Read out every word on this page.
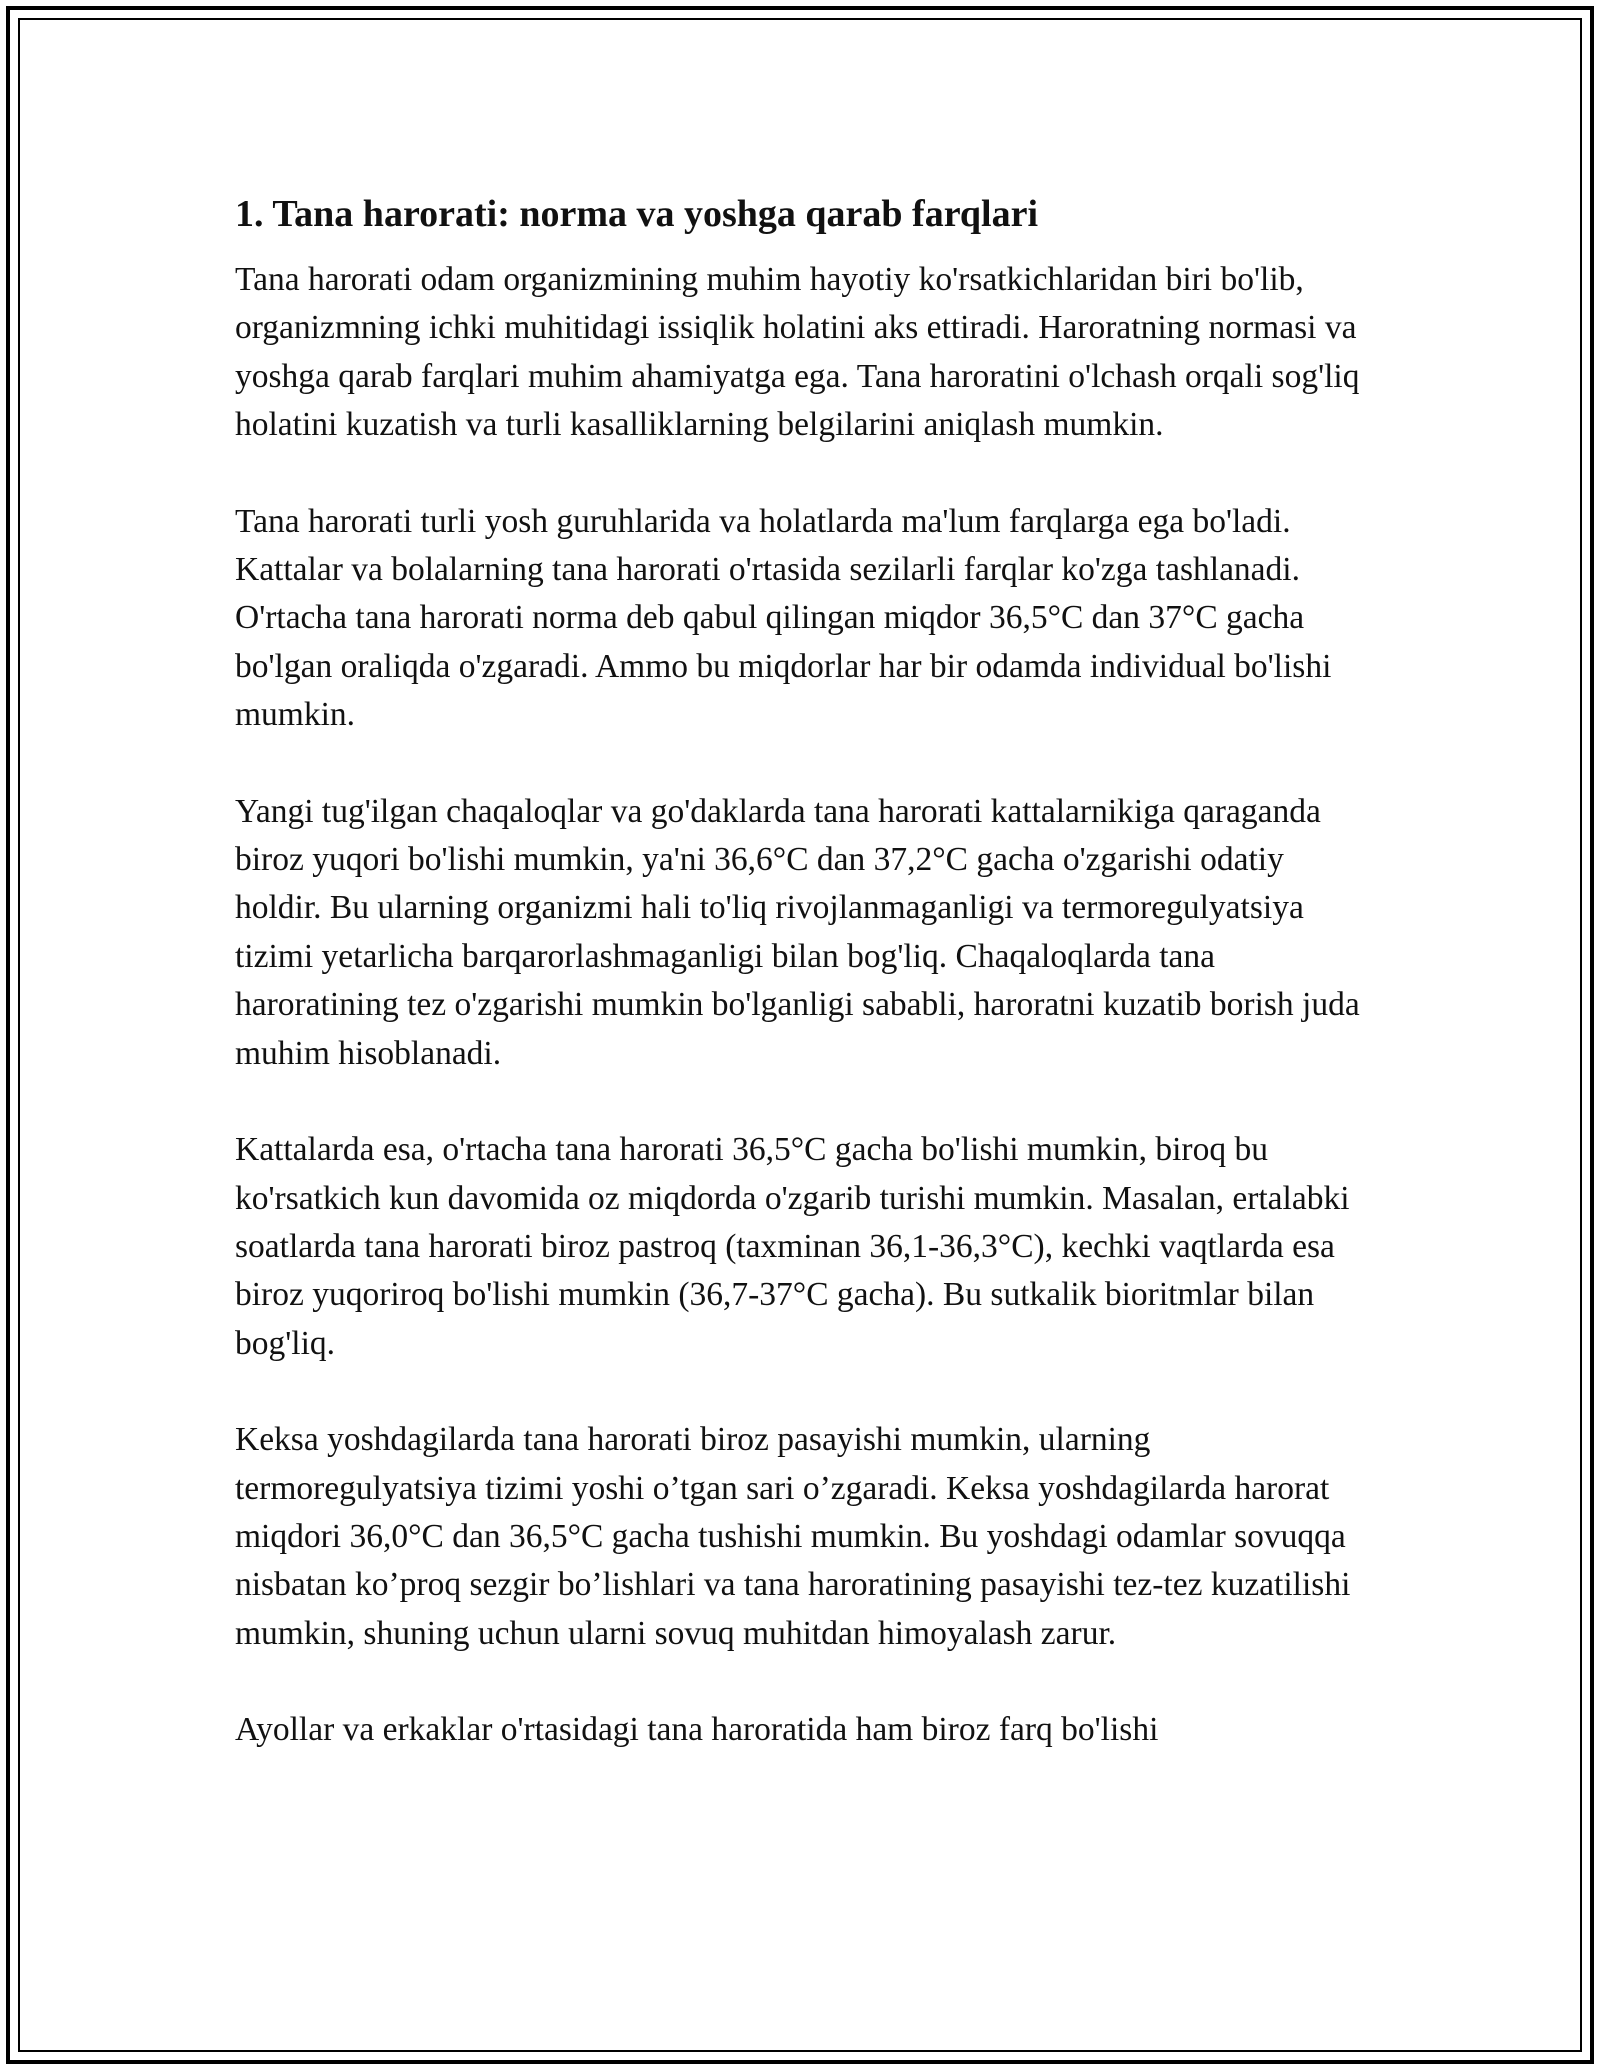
1. Tana harorati: norma va yoshga qarab farqlari

Tana harorati odam organizmining muhim hayotiy ko'rsatkichlaridan biri bo'lib, organizmning ichki muhitidagi issiqlik holatini aks ettiradi. Haroratning normasi va yoshga qarab farqlari muhim ahamiyatga ega. Tana haroratini o'lchash orqali sog'liq holatini kuzatish va turli kasalliklarning belgilarini aniqlash mumkin.

Tana harorati turli yosh guruhlarida va holatlarda ma'lum farqlarga ega bo'ladi. Kattalar va bolalarning tana harorati o'rtasida sezilarli farqlar ko'zga tashlanadi. O'rtacha tana harorati norma deb qabul qilingan miqdor 36,5°C dan 37°C gacha bo'lgan oraliqda o'zgaradi. Ammo bu miqdorlar har bir odamda individual bo'lishi mumkin.

Yangi tug'ilgan chaqaloqlar va go'daklarda tana harorati kattalarnikiga qaraganda biroz yuqori bo'lishi mumkin, ya'ni 36,6°C dan 37,2°C gacha o'zgarishi odatiy holdir. Bu ularning organizmi hali to'liq rivojlanmaganligi va termoregulyatsiya tizimi yetarlicha barqarorlashmaganligi bilan bog'liq. Chaqaloqlarda tana haroratining tez o'zgarishi mumkin bo'lganligi sababli, haroratni kuzatib borish juda muhim hisoblanadi.

Kattalarda esa, o'rtacha tana harorati 36,5°C gacha bo'lishi mumkin, biroq bu ko'rsatkich kun davomida oz miqdorda o'zgarib turishi mumkin. Masalan, ertalabki soatlarda tana harorati biroz pastroq (taxminan 36,1-36,3°C), kechki vaqtlarda esa biroz yuqoriroq bo'lishi mumkin (36,7-37°C gacha). Bu sutkalik bioritmlar bilan bog'liq.

Keksa yoshdagilarda tana harorati biroz pasayishi mumkin, ularning termoregulyatsiya tizimi yoshi o’tgan sari o’zgaradi. Keksa yoshdagilarda harorat miqdori 36,0°C dan 36,5°C gacha tushishi mumkin. Bu yoshdagi odamlar sovuqqa nisbatan ko’proq sezgir bo’lishlari va tana haroratining pasayishi tez-tez kuzatilishi mumkin, shuning uchun ularni sovuq muhitdan himoyalash zarur.

Ayollar va erkaklar o'rtasidagi tana haroratida ham biroz farq bo'lishi
